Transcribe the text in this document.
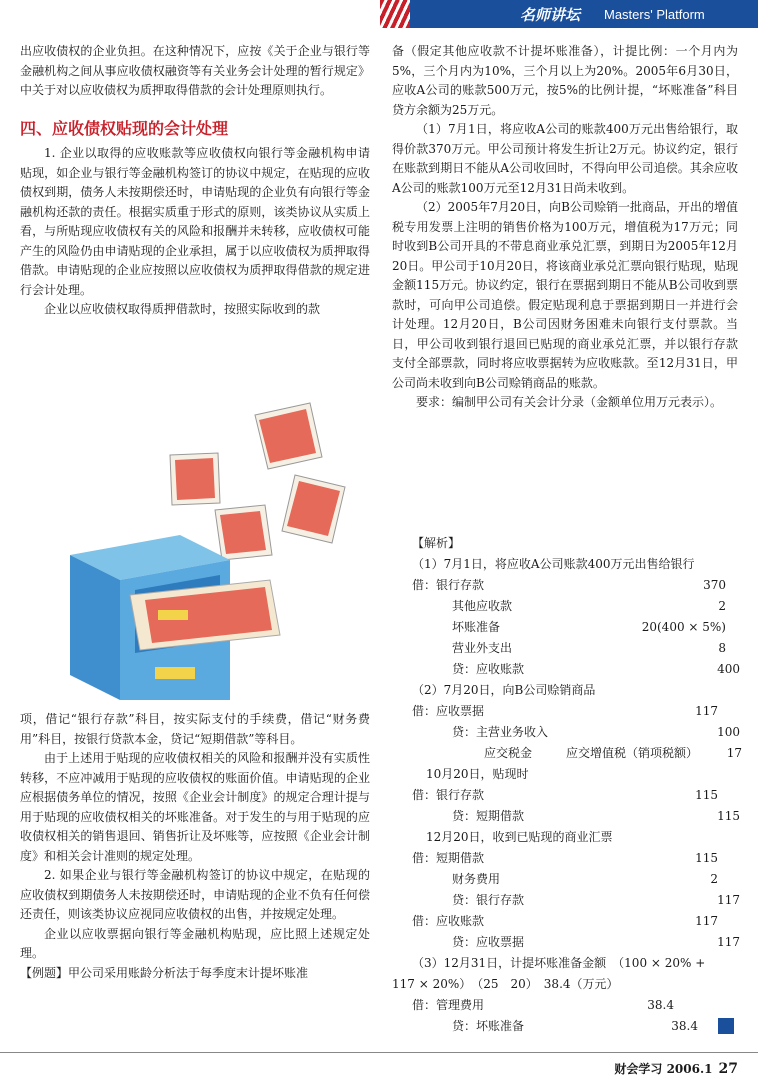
名师讲坛 Masters' Platform

出应收债权的企业负担。在这种情况下，应按《关于企业与银行等金融机构之间从事应收债权融资等有关业务会计处理的暂行规定》中关于对以应收债权为质押取得借款的会计处理原则执行。

四、应收债权贴现的会计处理

1. 企业以取得的应收账款等应收债权向银行等金融机构申请贴现，如企业与银行等金融机构签订的协议中规定，在贴现的应收债权到期，债务人未按期偿还时，申请贴现的企业负有向银行等金融机构还款的责任。根据实质重于形式的原则，该类协议从实质上看，与所贴现应收债权有关的风险和报酬并未转移，应收债权可能产生的风险仍由申请贴现的企业承担，属于以应收债权为质押取得借款。申请贴现的企业应按照以应收债权为质押取得借款的规定进行会计处理。

企业以应收债权取得质押借款时，按照实际收到的款

项，借记“银行存款”科目，按实际支付的手续费，借记“财务费用”科目，按银行贷款本金，贷记“短期借款”等科目。

由于上述用于贴现的应收债权相关的风险和报酬并没有实质性转移，不应冲减用于贴现的应收债权的账面价值。申请贴现的企业应根据债务单位的情况，按照《企业会计制度》的规定合理计提与用于贴现的应收债权相关的坏账准备。对于发生的与用于贴现的应收债权相关的销售退回、销售折让及坏账等，应按照《企业会计制度》和相关会计准则的规定处理。

2. 如果企业与银行等金融机构签订的协议中规定，在贴现的应收债权到期债务人未按期偿还时，申请贴现的企业不负有任何偿还责任，则该类协议应视同应收债权的出售，并按规定处理。

企业以应收票据向银行等金融机构贴现，应比照上述规定处理。

【例题】甲公司采用账龄分析法于每季度末计提坏账准

备（假定其他应收款不计提坏账准备），计提比例：一个月内为5%，三个月内为10%，三个月以上为20%。2005年6月30日，应收A公司的账款500万元，按5%的比例计提，“坏账准备”科目贷方余额为25万元。

（1）7月1日，将应收A公司的账款400万元出售给银行，取得价款370万元。甲公司预计将发生折让2万元。协议约定，银行在账款到期日不能从A公司收回时，不得向甲公司追偿。其余应收A公司的账款100万元至12月31日尚未收到。

（2）2005年7月20日，向B公司赊销一批商品，开出的增值税专用发票上注明的销售价格为100万元，增值税为17万元；同时收到B公司开具的不带息商业承兑汇票，到期日为2005年12月20日。甲公司于10月20日，将该商业承兑汇票向银行贴现，贴现金额115万元。协议约定，银行在票据到期日不能从B公司收到票款时，可向甲公司追偿。假定贴现利息于票据到期日一并进行会计处理。12月20日，B公司因财务困难未向银行支付票款。当日，甲公司收到银行退回已贴现的商业承兑汇票，并以银行存款支付全部票款，同时将应收票据转为应收账款。至12月31日，甲公司尚未收到向B公司赊销商品的账款。

要求：编制甲公司有关会计分录（金额单位用万元表示）。

【解析】
（1）7月1日，将应收A公司账款400万元出售给银行
借：银行存款
其他应收款
坏账准备
营业外支出
贷：应收账款
370
2
20(400 × 5%)
8
400
（2）7月20日，向B公司赊销商品
借：应收票据
贷：主营业务收入
应交税金	应交增值税（销项税额）
117
100
17
10月20日，贴现时
借：银行存款
贷：短期借款
115
115
12月20日，收到已贴现的商业汇票
借：短期借款
财务费用
贷：银行存款
借：应收账款
贷：应收票据
115
2
117
117
117
（3）12月31日，计提坏账准备金额　（100 × 20% +
117 × 20%）　（25　20）　38.4（万元）
借：管理费用
贷：坏账准备
38.4
38.4
财会学习 2006.1 27
